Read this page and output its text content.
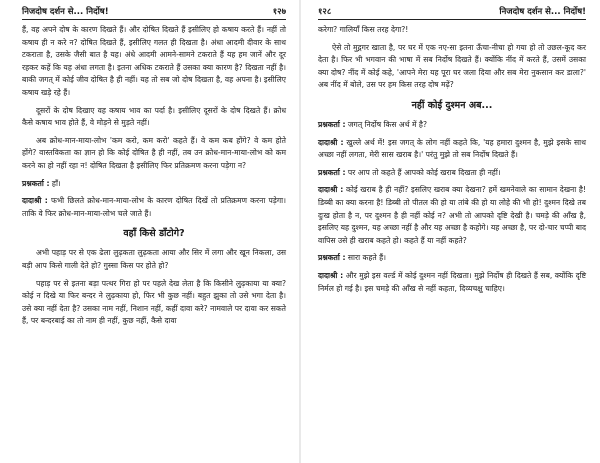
निजदोष दर्शन से... निर्दोष!	१२७

हैं, वह अपने दोष के कारण दिखते हैं। और दोषित दिखते हैं इसीलिए हो कषाय करते हैं। नहीं तो कषाय ही न करे न? दोषित दिखते हैं, इसीलिए गलत ही दिखता है। अंधा आदमी दीवार के साथ टकराता है, उसके जैसी बात है यह। अंधे आदमी आमने-सामने टकराते हैं यह हम जानें और दूर रहकर कहें कि यह अंधा लगता है। इतना अधिक टकराते हैं उसका क्या कारण है? दिखता नहीं है। बाकी जगत् में कोई जीव दोषित है ही नहीं। यह तो सब जो दोष दिखता है, वह अपना है। इसीलिए कषाय खड़े रहे हैं।

दूसरों के दोष दिखाए वह कषाय भाव का पर्दा है। इसीलिए दूसरों के दोष दिखते हैं। क्रोध कैसे कषाय भाव होते हैं, वे मोड़ने से मुड़ते नहीं।

अब क्रोध-मान-माया-लोभ 'कम करो, कम करो' कहते हैं। वे कम कब होंगे? वे कम होते होंगे? वास्तविकता का ज्ञान हो कि कोई दोषित है ही नहीं, तब उन क्रोध-मान-माया-लोभ को कम करने का हो नहीं रहा न! दोषित दिखता है इसीलिए फिर प्रतिक्रमण करना पड़ेगा न?

प्रश्नकर्ता : हाँ।

दादाश्री : फभी छिलते क्रोध-मान-माया-लोभ के कारण दोषित दिखें तो प्रतिक्रमण करना पड़ेगा। ताकि वे फिर क्रोध-मान-माया-लोभ चले जाते हैं।

वहाँ किसे डाँटोगे?

अभी पहाड़ पर से एक ढेला लुढ़कता लुढ़कता आया और सिर में लगा और खून निकला, उस बड़ी आप किसे गाली देते हो? गुस्सा किस पर होते हो?

पहाड़ पर से इतना बड़ा पत्थर गिरा हो पर पहले देख लेता है कि किसीने लुढ़काया या क्या? कोई न दिखे या फिर बन्दर ने लुढ़काया हो, फिर भी कुछ नहीं। बहुत झुका तो उसे भगा देता है। उसे क्या नहीं देता है? उसका नाम नहीं, निशान नहीं, कहीं दावा करे? नामवाले पर दावा कर सकते हैं, पर बन्दरबाई का तो नाम ही नहीं, कुछ नहीं, कैसे दावा

१२८	निजदोष दर्शन से... निर्दोष!

करेगा? गालियाँ किस तरह देगा?!

ऐसे तो मुद्गगर खाता है, पर घर में एक नए-सा इतना ऊँचा-नीचा हो गया हो तो उछल-कूद कर देता है। फिर भी भगवान की भाषा में सब निर्दोष दिखते हैं। क्योंकि नींद में करते हैं, उसमें उसका क्या दोष? नींद में कोई कहे, 'आपने मेरा यह पूरा घर जला दिया और सब मेरा नुकसान कर डाला?' अब नींद में बोले, उस पर हम किस तरह दोष मढ़ें?

नहीं कोई दुश्मन अब...

प्रश्नकर्ता : जगत् निर्दोष किस अर्थ में है?

दादाश्री : खुल्ले अर्थ में! इस जगत् के लोग नहीं कहते कि, 'यह हमारा दुश्मन है, मुझे इसके साथ अच्छा नहीं लगता, मेरी सास खराब है।' परंतु मुझे तो सब निर्दोष दिखते हैं।

प्रश्नकर्ता : पर आप तो कहते हैं आपको कोई खराब दिखता ही नहीं।

दादाश्री : कोई खराब है ही नहीं? इसलिए खराब क्या देखना? हमें खमनेवाले का सामान देखना है! डिब्बी का क्या करना है! डिब्बी तो पीतल की हो या तांबे की हो या लोहे की भी हो! दुश्मन दिखे तब दुःख होता है न, पर दुश्मन है ही नहीं कोई न? अभी तो आपको दृष्टि देखी है। चमड़े की आँख है, इसलिए यह दुश्मन, यह अच्छा नहीं है और यह अच्छा है कहोगे। यह अच्छा है, पर दो-चार चप्पी बाद वापिस उसे ही खराब कहते हो। कहते हैं या नहीं कहते?

प्रश्नकर्ता : सारा कहते हैं।

दादाश्री : और मुझे इस वर्ल्ड में कोई दुश्मन नहीं दिखता। मुझे निर्दोष ही दिखते हैं सब, क्योंकि दृष्टि निर्मल हो गई है। इस चमड़े की आँख से नहीं कहता, दिव्यचक्षु चाहिए।
